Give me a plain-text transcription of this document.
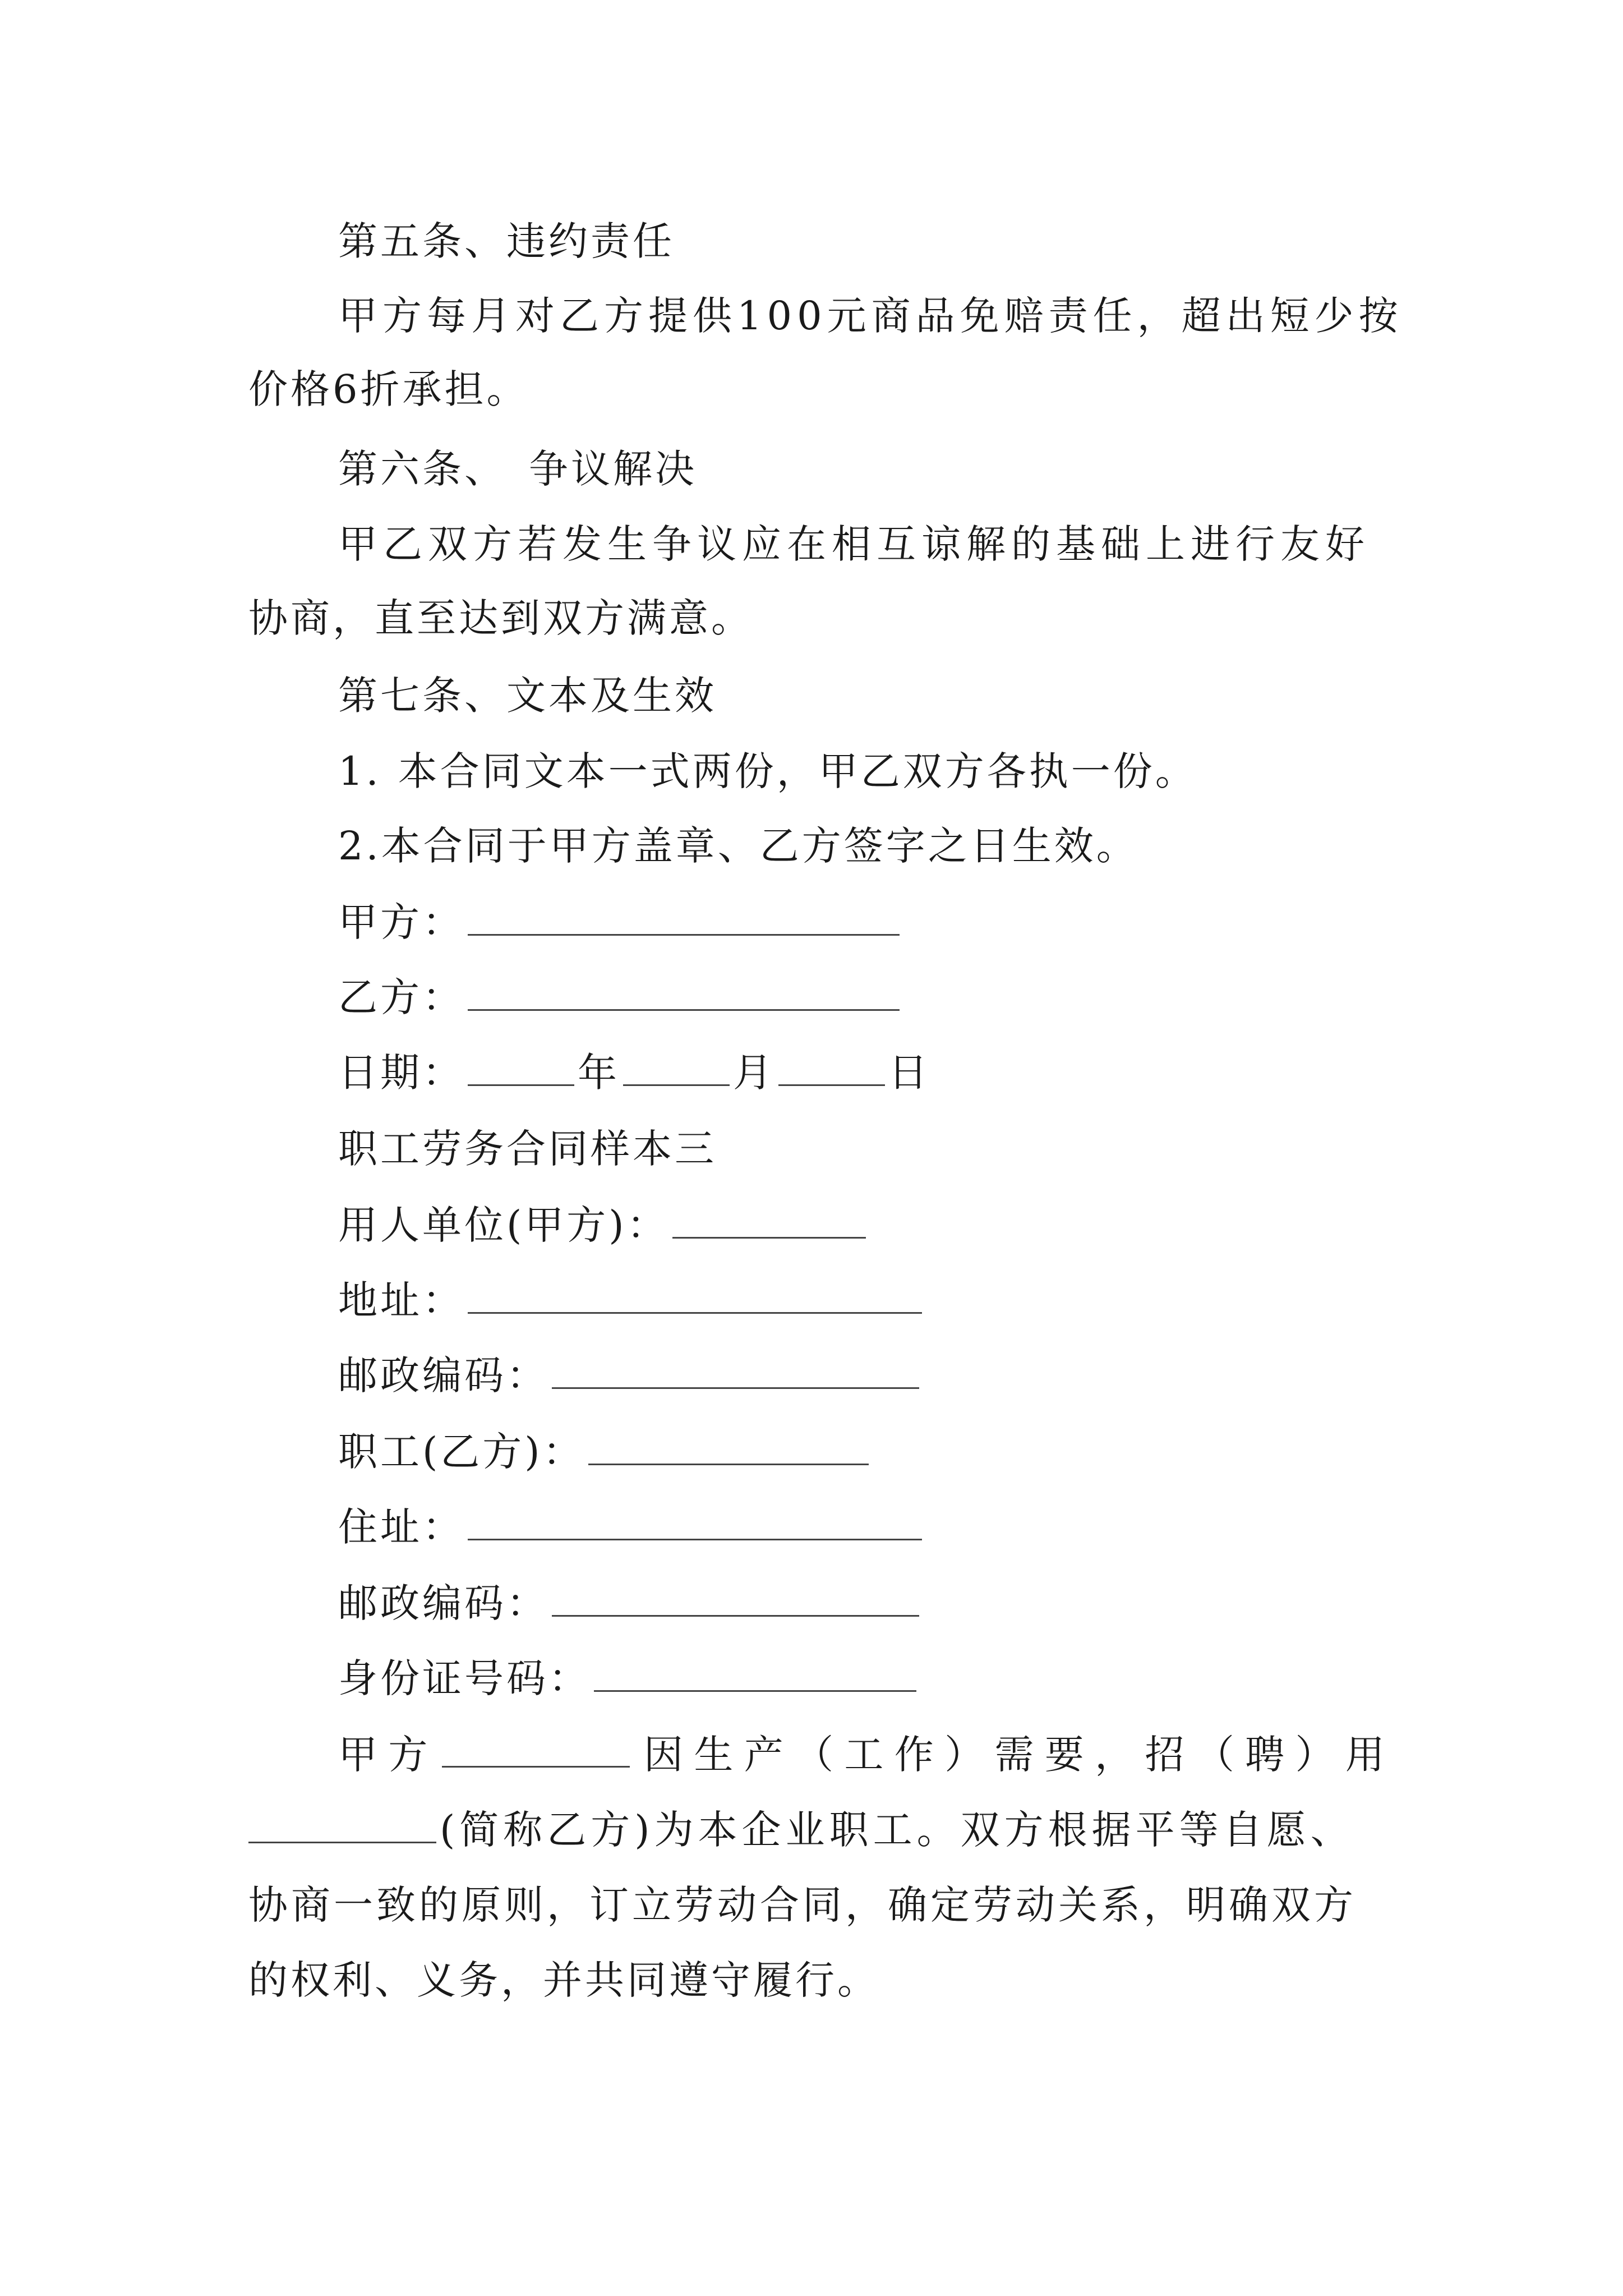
第五条、违约责任
甲方每月对乙方提供100元商品免赔责任，超出短少按
价格6折承担。
第六条、 争议解决
甲乙双方若发生争议应在相互谅解的基础上进行友好
协商，直至达到双方满意。
第七条、文本及生效
1. 本合同文本一式两份，甲乙双方各执一份。
2.本合同于甲方盖章、乙方签字之日生效。
甲方：
乙方：
日期：	年	月	日
职工劳务合同样本三
用人单位(甲方)：
地址：
邮政编码：
职工(乙方)：
住址：
邮政编码：
身份证号码：
甲 方	因 生 产 （ 工 作 ） 需 要 ， 招 （ 聘 ） 用
(简称乙方)为本企业职工。双方根据平等自愿、
协商一致的原则，订立劳动合同，确定劳动关系，明确双方
的权利、义务，并共同遵守履行。
